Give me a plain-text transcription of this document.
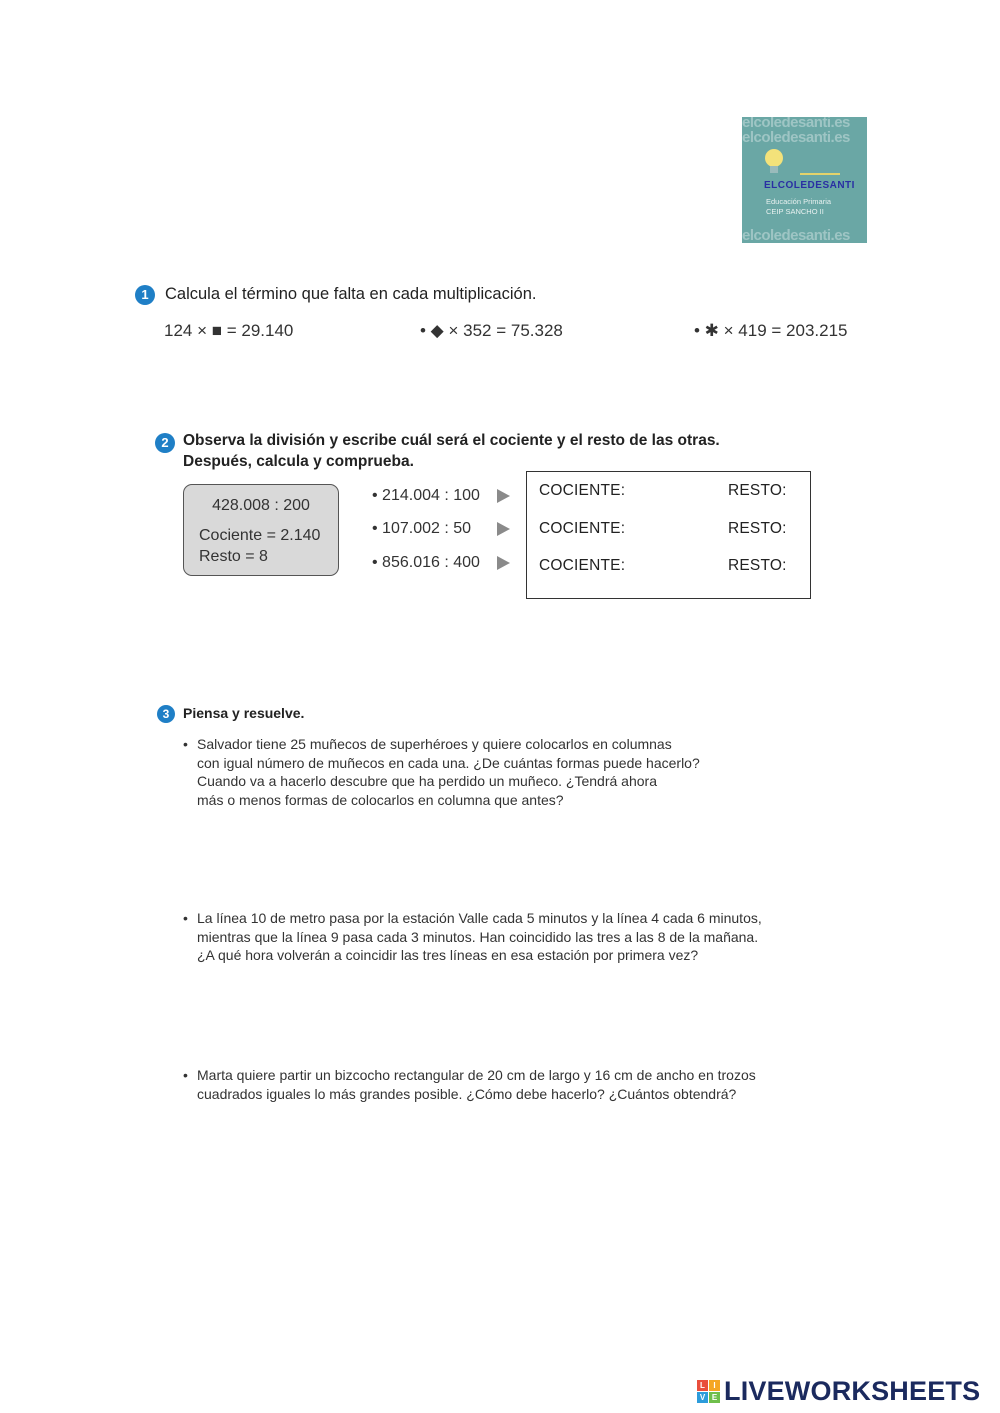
elcoledesanti.es
elcoledesanti.es
elcoledesanti.es
ELCOLEDESANTI
Educación Primaria
CEIP SANCHO II
1 Calcula el término que falta en cada multiplicación.
124 × ■ = 29.140	• ◆ × 352 = 75.328	• ✱ × 419 = 203.215
2 Observa la división y escribe cuál será el cociente y el resto de las otras.
Después, calcula y comprueba.
428.008 : 200
Cociente = 2.140
Resto = 8
• 214.004 : 100
• 107.002 : 50
• 856.016 : 400
COCIENTE:	RESTO:
COCIENTE:	RESTO:
COCIENTE:	RESTO:
3 Piensa y resuelve.
• Salvador tiene 25 muñecos de superhéroes y quiere colocarlos en columnas
con igual número de muñecos en cada una. ¿De cuántas formas puede hacerlo?
Cuando va a hacerlo descubre que ha perdido un muñeco. ¿Tendrá ahora
más o menos formas de colocarlos en columna que antes?
• La línea 10 de metro pasa por la estación Valle cada 5 minutos y la línea 4 cada 6 minutos,
mientras que la línea 9 pasa cada 3 minutos. Han coincidido las tres a las 8 de la mañana.
¿A qué hora volverán a coincidir las tres líneas en esa estación por primera vez?
• Marta quiere partir un bizcocho rectangular de 20 cm de largo y 16 cm de ancho en trozos
cuadrados iguales lo más grandes posible. ¿Cómo debe hacerlo? ¿Cuántos obtendrá?
L	I
V E LIVEWORKSHEETS
